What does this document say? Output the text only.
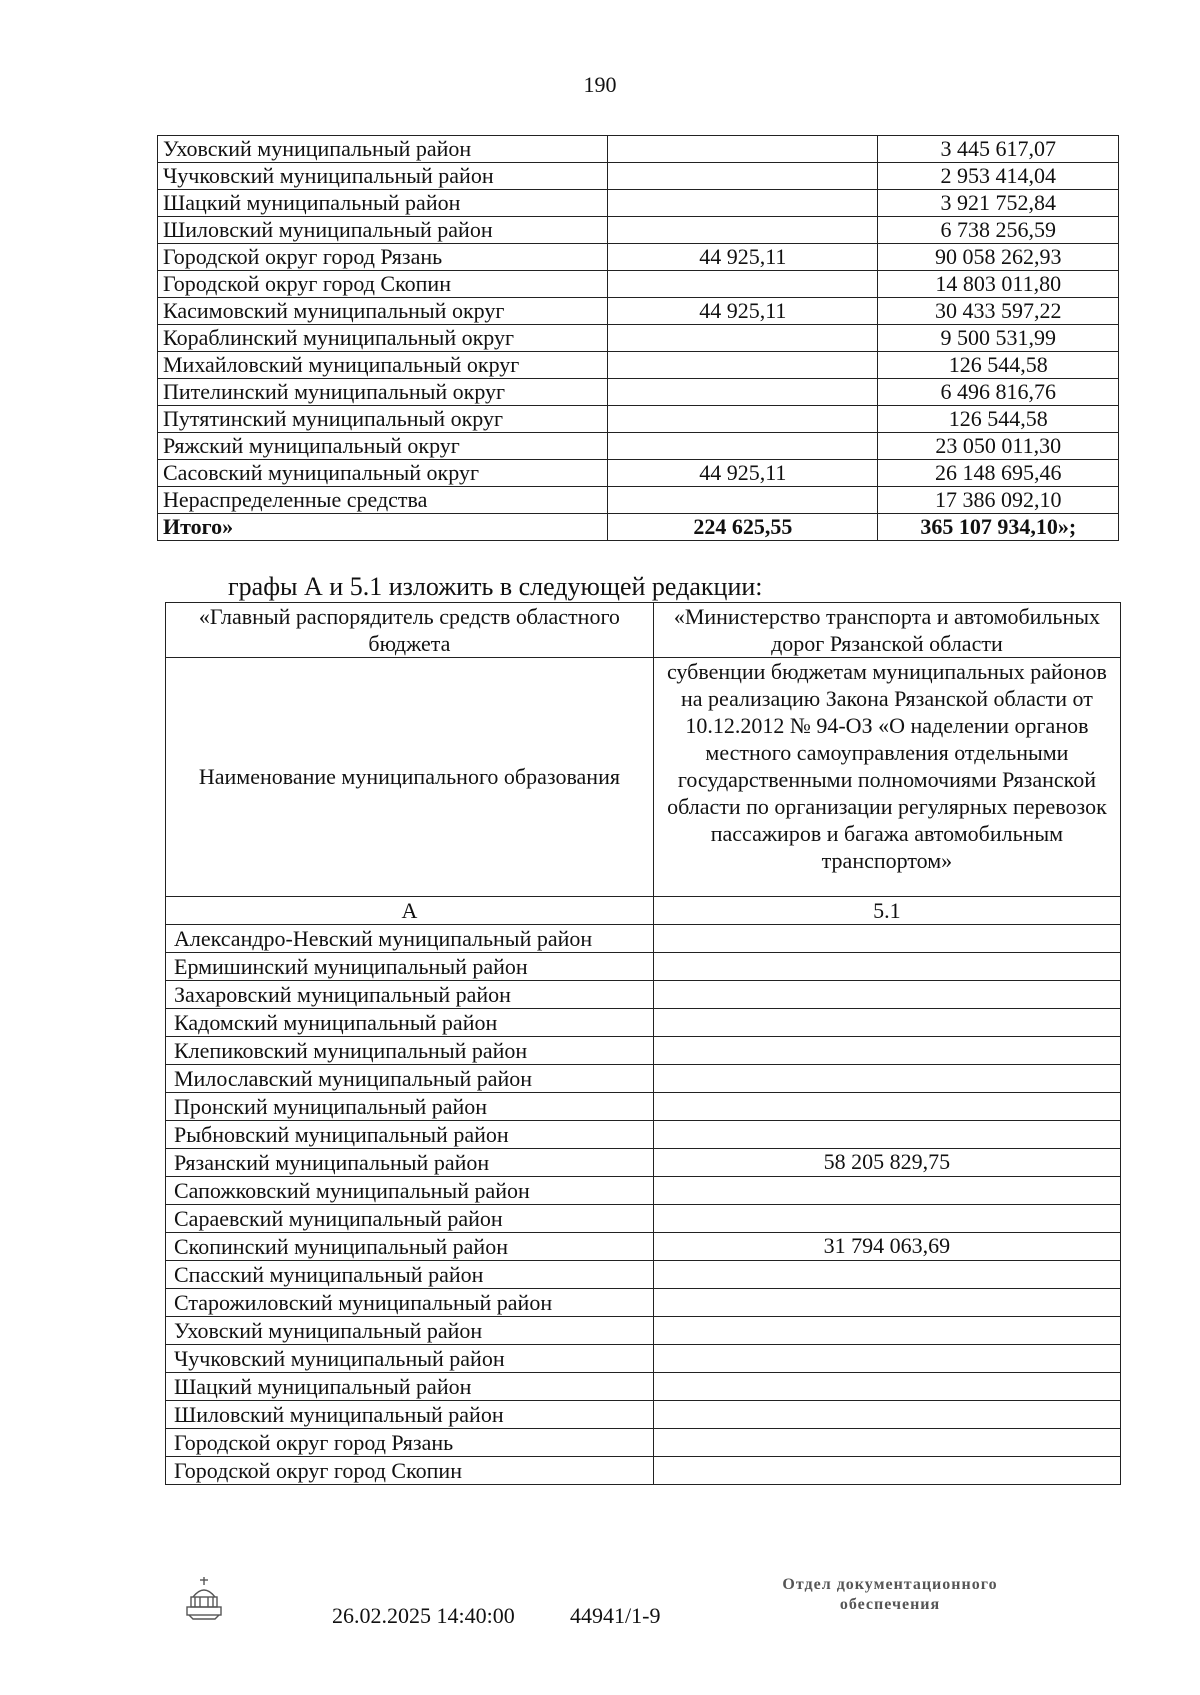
190
Уховский муниципальный район		3 445 617,07
Чучковский муниципальный район		2 953 414,04
Шацкий муниципальный район		3 921 752,84
Шиловский муниципальный район		6 738 256,59
Городской округ город Рязань	44 925,11	90 058 262,93
Городской округ город Скопин		14 803 011,80
Касимовский муниципальный округ	44 925,11	30 433 597,22
Кораблинский муниципальный округ		9 500 531,99
Михайловский муниципальный округ		126 544,58
Пителинский муниципальный округ		6 496 816,76
Путятинский муниципальный округ		126 544,58
Ряжский муниципальный округ		23 050 011,30
Сасовский муниципальный округ	44 925,11	26 148 695,46
Нераспределенные средства		17 386 092,10
Итого»	224 625,55	365 107 934,10»;
графы А и 5.1 изложить в следующей редакции:
«Главный распорядитель средств областного бюджета	«Министерство транспорта и автомобильных дорог Рязанской области
Наименование муниципального образования	субвенции бюджетам муниципальных районов на реализацию Закона Рязанской области от 10.12.2012 № 94-ОЗ «О наделении органов местного самоуправления отдельными государственными полномочиями Рязанской области по организации регулярных перевозок пассажиров и багажа автомобильным транспортом»
А	5.1
Александро-Невский муниципальный район	
Ермишинский муниципальный район	
Захаровский муниципальный район	
Кадомский муниципальный район	
Клепиковский муниципальный район	
Милославский муниципальный район	
Пронский муниципальный район	
Рыбновский муниципальный район	
Рязанский муниципальный район	58 205 829,75
Сапожковский муниципальный район	
Сараевский муниципальный район	
Скопинский муниципальный район	31 794 063,69
Спасский муниципальный район	
Старожиловский муниципальный район	
Уховский муниципальный район	
Чучковский муниципальный район	
Шацкий муниципальный район	
Шиловский муниципальный район	
Городской округ город Рязань	
Городской округ город Скопин	
26.02.2025 14:40:00	44941/1-9
Отдел документационного
обеспечения
